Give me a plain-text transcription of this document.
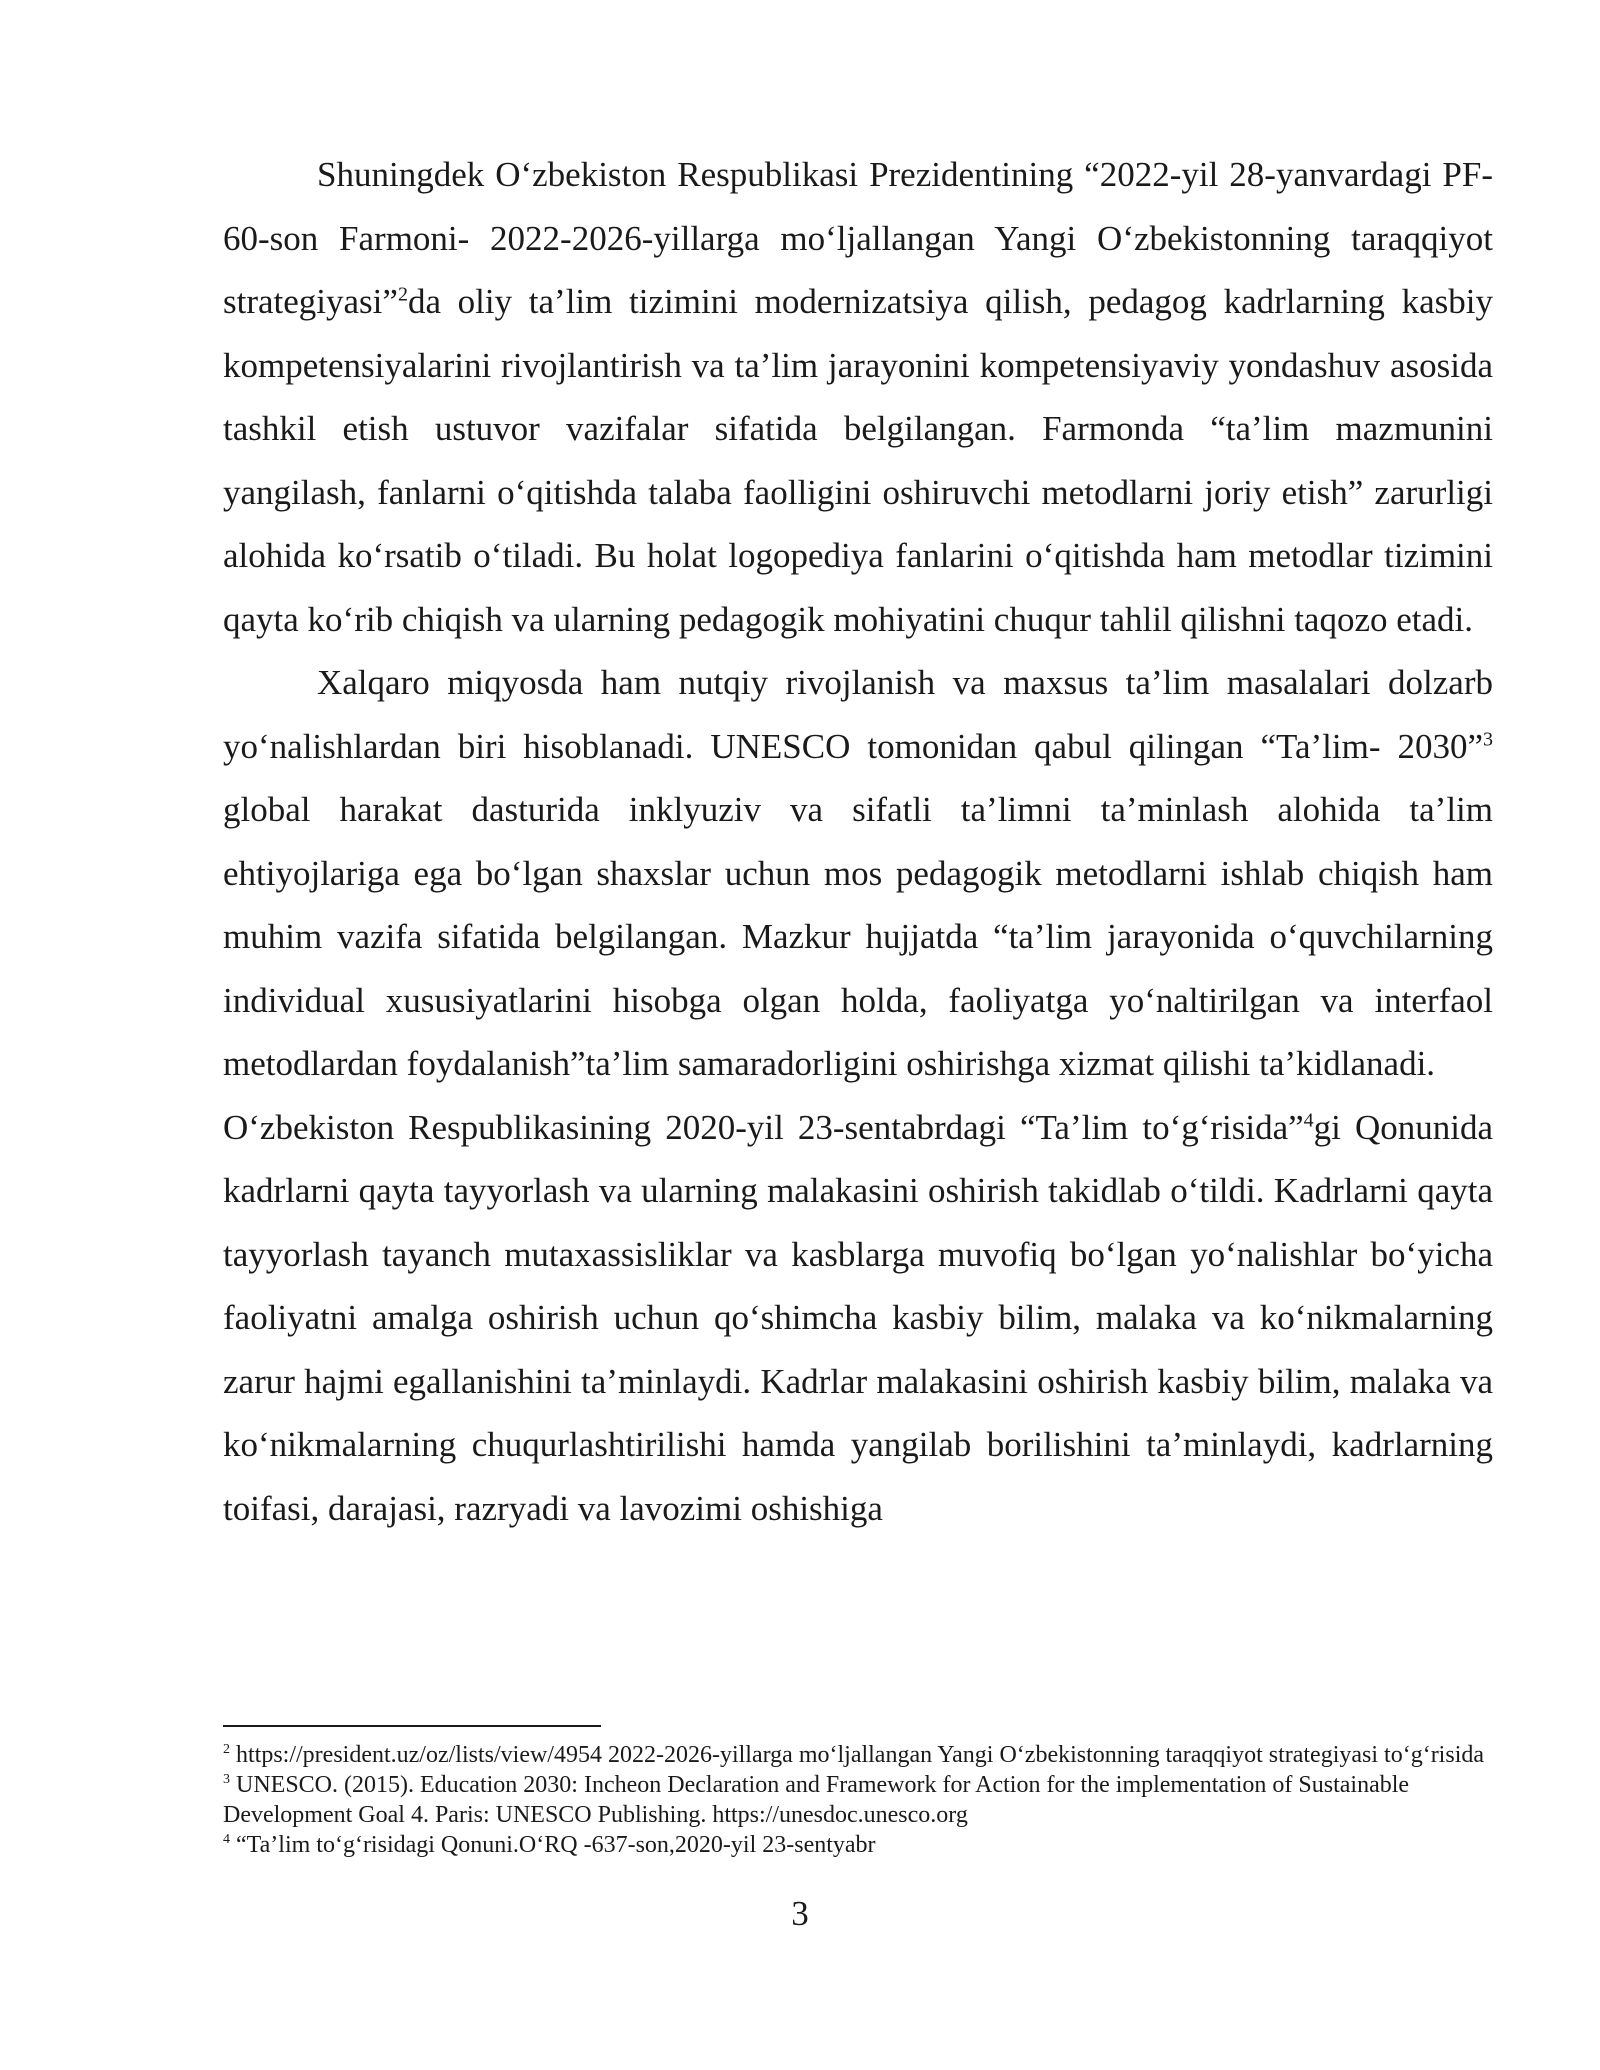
Shuningdek O‘zbekiston Respublikasi Prezidentining “2022-yil 28-yanvardagi PF- 60-son Farmoni- 2022-2026-yillarga mo‘ljallangan Yangi O‘zbekistonning taraqqiyot strategiyasi”$^2$da oliy ta’lim tizimini modernizatsiya qilish, pedagog kadrlarning kasbiy kompetensiyalarini rivojlantirish va ta’lim jarayonini kompetensiyaviy yondashuv asosida tashkil etish ustuvor vazifalar sifatida belgilangan. Farmonda “ta’lim mazmunini yangilash, fanlarni o‘qitishda talaba faolligini oshiruvchi metodlarni joriy etish” zarurligi alohida ko‘rsatib o‘tiladi. Bu holat logopediya fanlarini o‘qitishda ham metodlar tizimini qayta ko‘rib chiqish va ularning pedagogik mohiyatini chuqur tahlil qilishni taqozo etadi.

Xalqaro miqyosda ham nutqiy rivojlanish va maxsus ta’lim masalalari dolzarb yo‘nalishlardan biri hisoblanadi. UNESCO tomonidan qabul qilingan “Ta’lim- 2030”$^3$ global harakat dasturida inklyuziv va sifatli ta’limni ta’minlash alohida ta’lim ehtiyojlariga ega bo‘lgan shaxslar uchun mos pedagogik metodlarni ishlab chiqish ham muhim vazifa sifatida belgilangan. Mazkur hujjatda “ta’lim jarayonida o‘quvchilarning individual xususiyatlarini hisobga olgan holda, faoliyatga yo‘naltirilgan va interfaol metodlardan foydalanish”ta’lim samaradorligini oshirishga xizmat qilishi ta’kidlanadi.

O‘zbekiston Respublikasining 2020-yil 23-sentabrdagi “Ta’lim to‘g‘risida”$^4$gi Qonunida kadrlarni qayta tayyorlash va ularning malakasini oshirish takidlab o‘tildi. Kadrlarni qayta tayyorlash tayanch mutaxassisliklar va kasblarga muvofiq bo‘lgan yo‘nalishlar bo‘yicha faoliyatni amalga oshirish uchun qo‘shimcha kasbiy bilim, malaka va ko‘nikmalarning zarur hajmi egallanishini ta’minlaydi. Kadrlar malakasini oshirish kasbiy bilim, malaka va ko‘nikmalarning chuqurlashtirilishi hamda yangilab borilishini ta’minlaydi, kadrlarning toifasi, darajasi, razryadi va lavozimi oshishiga

$^2$ https://president.uz/oz/lists/view/4954 2022-2026-yillarga mo‘ljallangan Yangi O‘zbekistonning taraqqiyot strategiyasi to‘g‘risida

$^3$ UNESCO. (2015). Education 2030: Incheon Declaration and Framework for Action for the implementation of Sustainable Development Goal 4. Paris: UNESCO Publishing. https://unesdoc.unesco.org

$^4$ “Ta’lim to‘g‘risidagi Qonuni.O‘RQ -637-son,2020-yil 23-sentyabr

3
